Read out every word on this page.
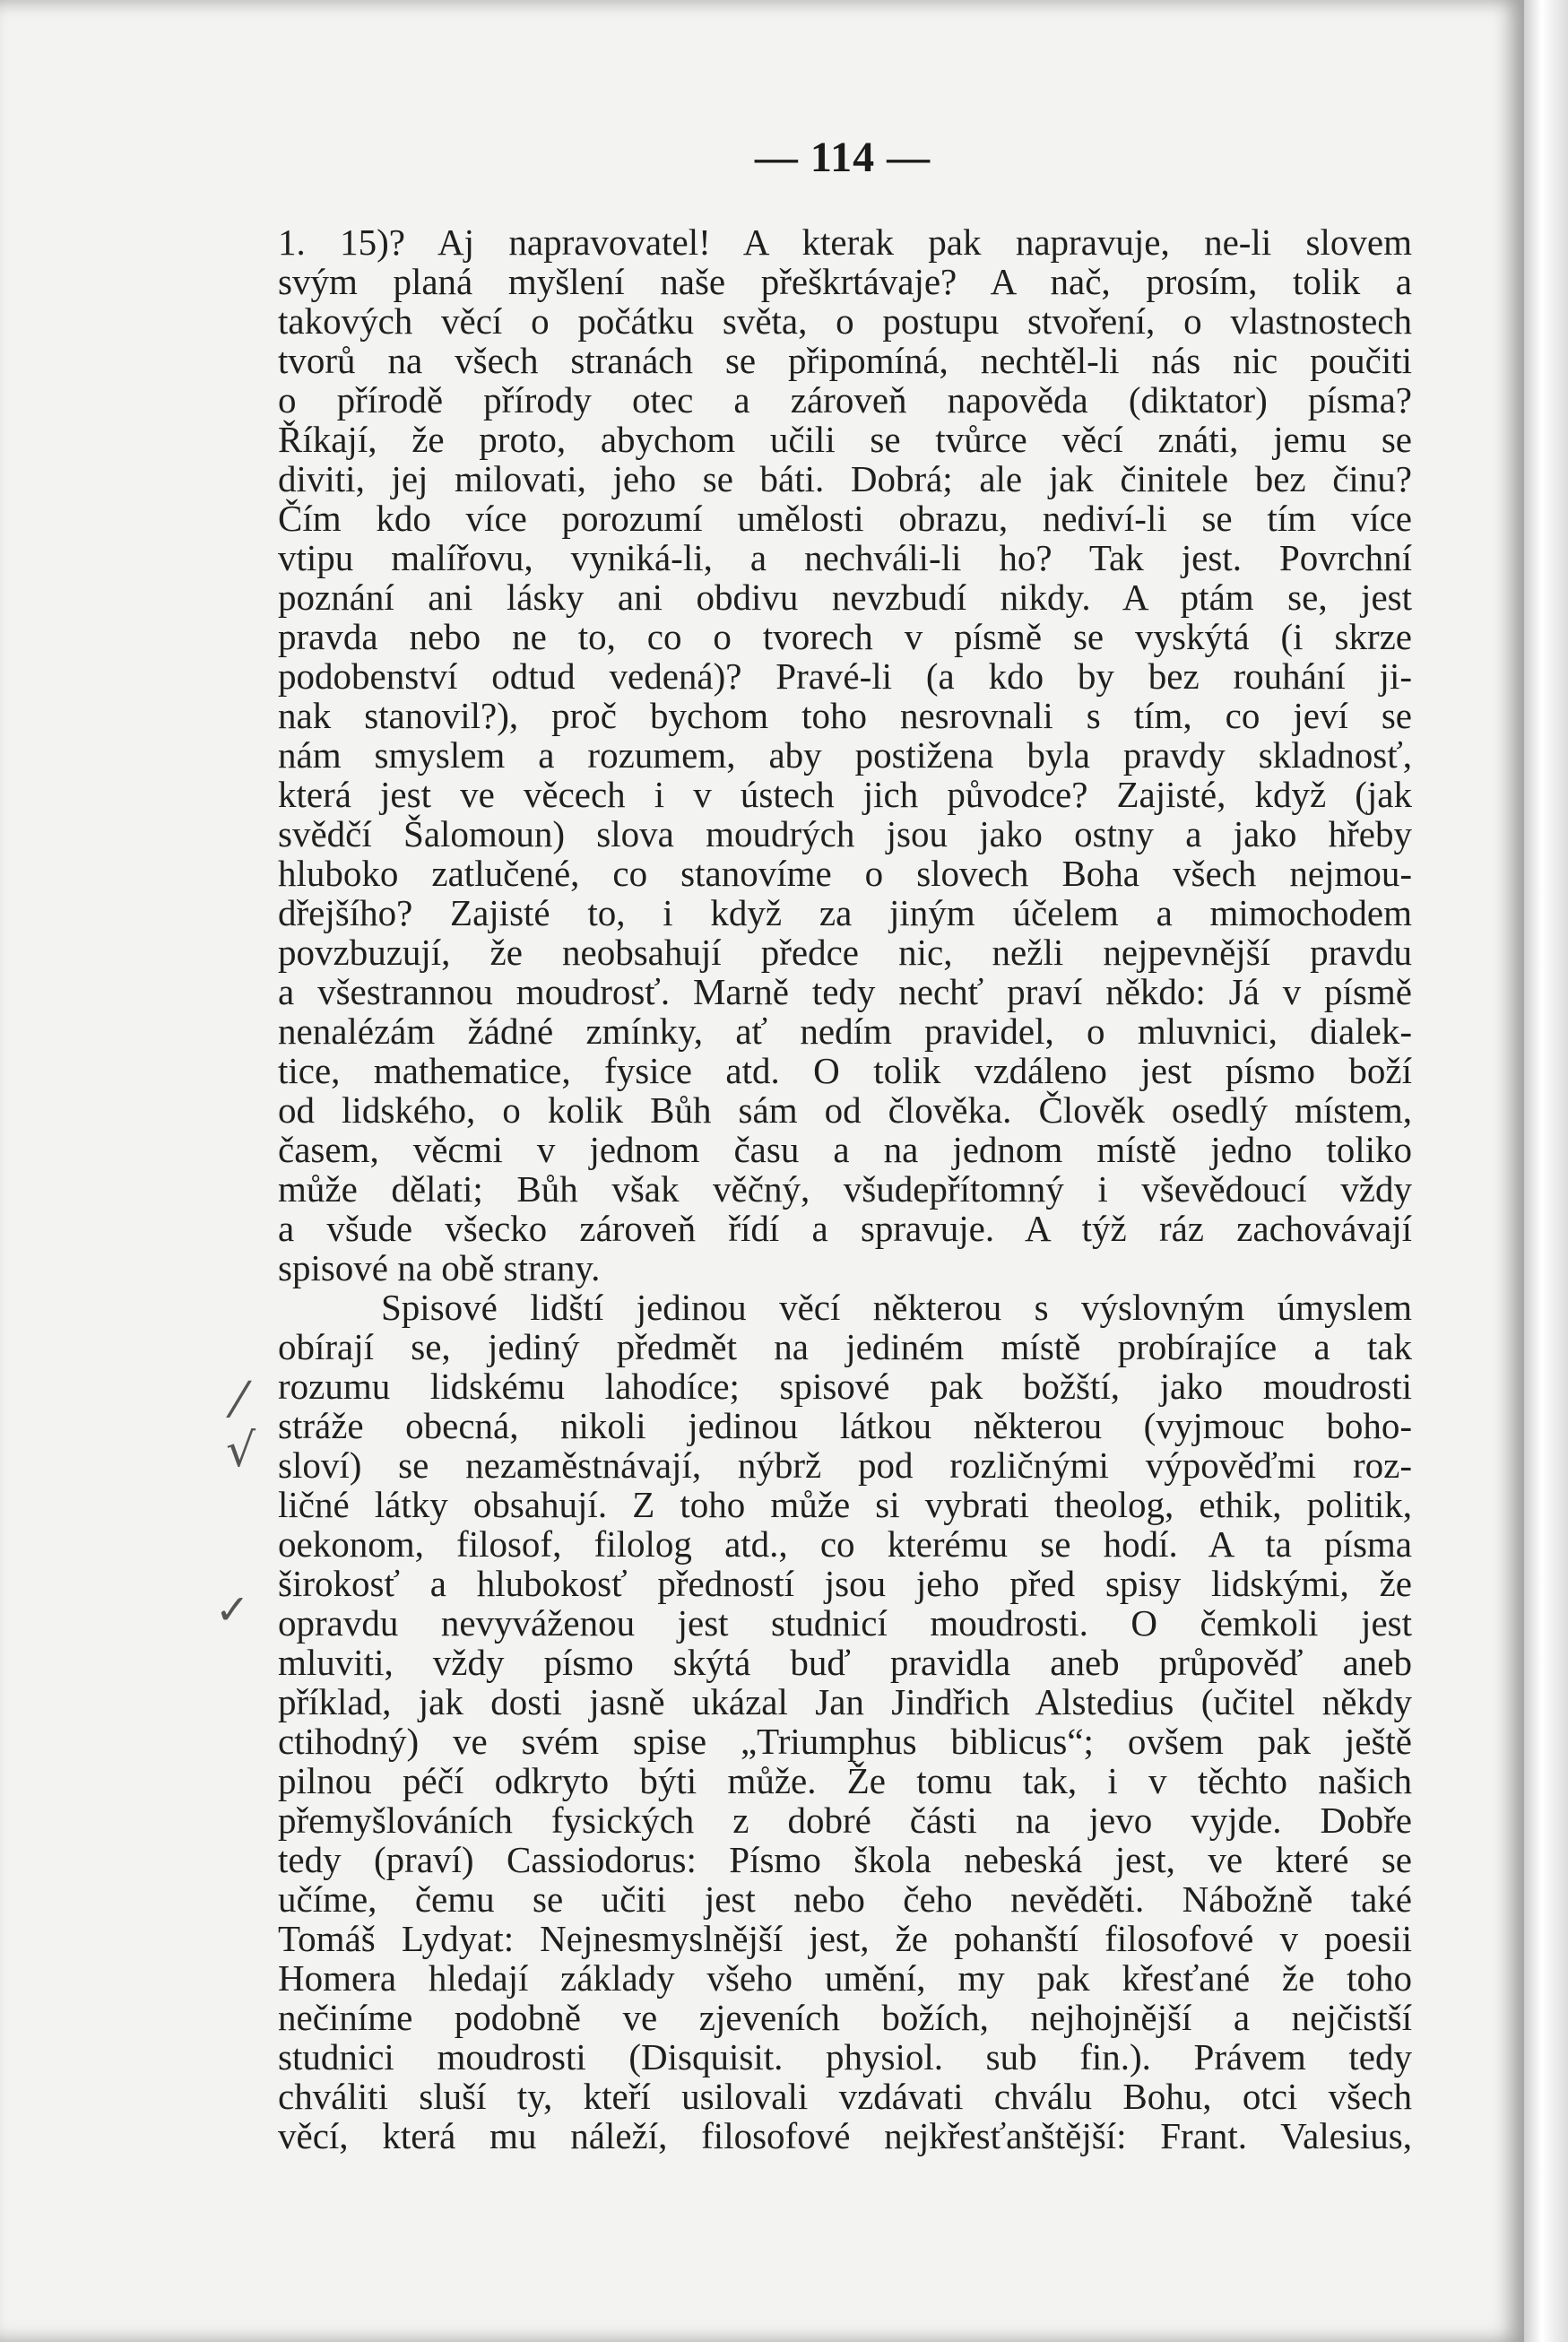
— 114 —
⁄
√
✓
1. 15)? Aj napravovatel! A kterak pak napravuje, ne-li slovem
svým planá myšlení naše přeškrtávaje? A nač, prosím, tolik a
takových věcí o počátku světa, o postupu stvoření, o vlastnostech
tvorů na všech stranách se připomíná, nechtěl-li nás nic poučiti
o přírodě přírody otec a zároveň napověda (diktator) písma?
Říkají, že proto, abychom učili se tvůrce věcí znáti, jemu se
diviti, jej milovati, jeho se báti. Dobrá; ale jak činitele bez činu?
Čím kdo více porozumí umělosti obrazu, nediví-li se tím více
vtipu malířovu, vyniká-li, a nechváli-li ho? Tak jest. Povrchní
poznání ani lásky ani obdivu nevzbudí nikdy. A ptám se, jest
pravda nebo ne to, co o tvorech v písmě se vyskýtá (i skrze
podobenství odtud vedená)? Pravé-li (a kdo by bez rouhání ji-
nak stanovil?), proč bychom toho nesrovnali s tím, co jeví se
nám smyslem a rozumem, aby postižena byla pravdy skladnosť,
která jest ve věcech i v ústech jich původce? Zajisté, když (jak
svědčí Šalomoun) slova moudrých jsou jako ostny a jako hřeby
hluboko zatlučené, co stanovíme o slovech Boha všech nejmou-
dřejšího? Zajisté to, i když za jiným účelem a mimochodem
povzbuzují, že neobsahují předce nic, nežli nejpevnější pravdu
a všestrannou moudrosť. Marně tedy nechť praví někdo: Já v písmě
nenalézám žádné zmínky, ať nedím pravidel, o mluvnici, dialek-
tice, mathematice, fysice atd. O tolik vzdáleno jest písmo boží
od lidského, o kolik Bůh sám od člověka. Člověk osedlý místem,
časem, věcmi v jednom času a na jednom místě jedno toliko
může dělati; Bůh však věčný, všudepřítomný i vševědoucí vždy
a všude všecko zároveň řídí a spravuje. A týž ráz zachovávají
spisové na obě strany.
Spisové lidští jedinou věcí některou s výslovným úmyslem
obírají se, jediný předmět na jediném místě probírajíce a tak
rozumu lidskému lahodíce; spisové pak božští, jako moudrosti
stráže obecná, nikoli jedinou látkou některou (vyjmouc boho-
sloví) se nezaměstnávají, nýbrž pod rozličnými výpověďmi roz-
ličné látky obsahují. Z toho může si vybrati theolog, ethik, politik,
oekonom, filosof, filolog atd., co kterému se hodí. A ta písma
širokosť a hlubokosť předností jsou jeho před spisy lidskými, že
opravdu nevyváženou jest studnicí moudrosti. O čemkoli jest
mluviti, vždy písmo skýtá buď pravidla aneb průpověď aneb
příklad, jak dosti jasně ukázal Jan Jindřich Alstedius (učitel někdy
ctihodný) ve svém spise „Triumphus biblicus“; ovšem pak ještě
pilnou péčí odkryto býti může. Že tomu tak, i v těchto našich
přemyšlováních fysických z dobré části na jevo vyjde. Dobře
tedy (praví) Cassiodorus: Písmo škola nebeská jest, ve které se
učíme, čemu se učiti jest nebo čeho nevěděti. Nábožně také
Tomáš Lydyat: Nejnesmyslnější jest, že pohanští filosofové v poesii
Homera hledají základy všeho umění, my pak křesťané že toho
nečiníme podobně ve zjeveních božích, nejhojnější a nejčistší
studnici moudrosti (Disquisit. physiol. sub fin.). Právem tedy
chváliti sluší ty, kteří usilovali vzdávati chválu Bohu, otci všech
věcí, která mu náleží, filosofové nejkřesťanštější: Frant. Valesius,
